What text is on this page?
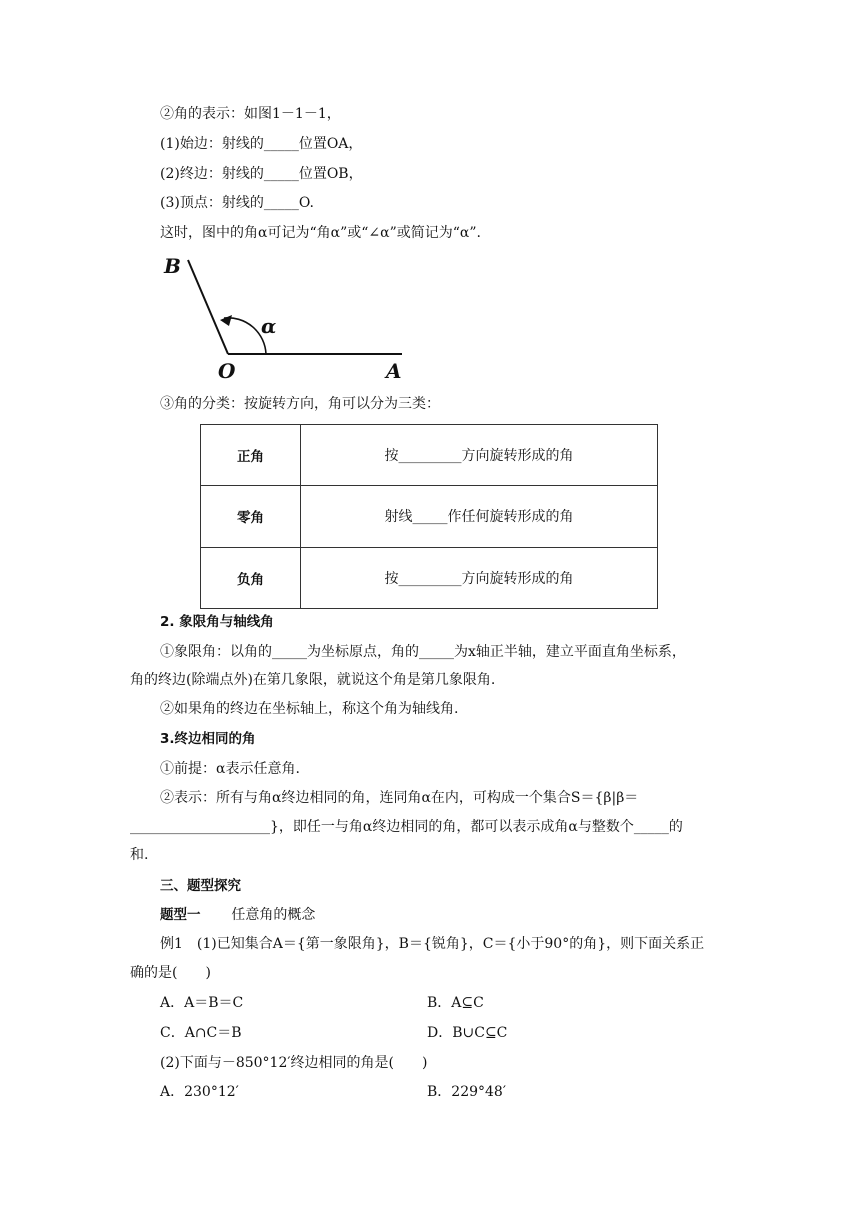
②角的表示：如图1－1－1，
(1)始边：射线的_____位置OA，
(2)终边：射线的_____位置OB，
(3)顶点：射线的_____O.
这时，图中的角α可记为“角α”或“∠α”或简记为“α”.
B
α
O	A
③角的分类：按旋转方向，角可以分为三类：
正角	按_________方向旋转形成的角
零角	射线_____作任何旋转形成的角
负角	按_________方向旋转形成的角
2. 象限角与轴线角
①象限角：以角的_____为坐标原点，角的_____为x轴正半轴，建立平面直角坐标系，
角的终边(除端点外)在第几象限，就说这个角是第几象限角.
②如果角的终边在坐标轴上，称这个角为轴线角.
3.终边相同的角
①前提：α表示任意角.
②表示：所有与角α终边相同的角，连同角α在内，可构成一个集合S＝{β|β＝
____________________}，即任一与角α终边相同的角，都可以表示成角α与整数个_____的
和.
三、题型探究
题型一 任意角的概念
例1　(1)已知集合A＝{第一象限角}，B＝{锐角}，C＝{小于90°的角}，则下面关系正
确的是(　　)
A．A＝B＝C	B．A⊆C
C．A∩C＝B	D．B∪C⊆C
(2)下面与－850°12′终边相同的角是(　　)
A．230°12′	B．229°48′
